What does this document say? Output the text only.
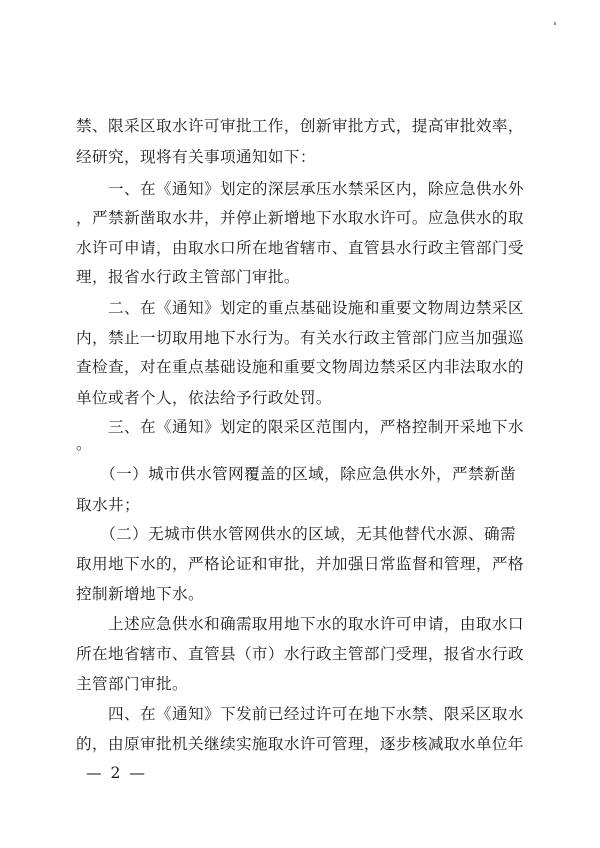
禁、限采区取水许可审批工作，创新审批方式，提高审批效率，
经研究，现将有关事项通知如下：
　　一、在《通知》划定的深层承压水禁采区内，除应急供水外
，严禁新凿取水井，并停止新增地下水取水许可。应急供水的取
水许可申请，由取水口所在地省辖市、直管县水行政主管部门受
理，报省水行政主管部门审批。
　　二、在《通知》划定的重点基础设施和重要文物周边禁采区
内，禁止一切取用地下水行为。有关水行政主管部门应当加强巡
查检查，对在重点基础设施和重要文物周边禁采区内非法取水的
单位或者个人，依法给予行政处罚。
　　三、在《通知》划定的限采区范围内，严格控制开采地下水
。
　　（一）城市供水管网覆盖的区域，除应急供水外，严禁新凿
取水井；
　　（二）无城市供水管网供水的区域，无其他替代水源、确需
取用地下水的，严格论证和审批，并加强日常监督和管理，严格
控制新增地下水。
　　上述应急供水和确需取用地下水的取水许可申请，由取水口
所在地省辖市、直管县（市）水行政主管部门受理，报省水行政
主管部门审批。
　　四、在《通知》下发前已经过许可在地下水禁、限采区取水
的，由原审批机关继续实施取水许可管理，逐步核减取水单位年
— 2 —
